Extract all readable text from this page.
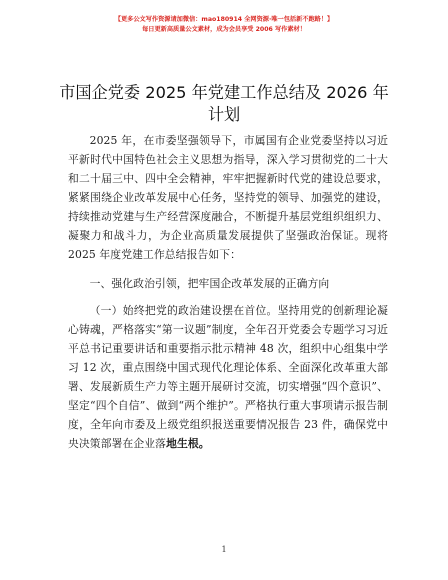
【更多公文写作资源请加微信：mao180914 全网资源·唯一包括新不跑路！】
每日更新高质量公文素材，成为会员享受 2006 写作素材！
市国企党委 2025 年党建工作总结及 2026 年计划

2025 年，在市委坚强领导下，市属国有企业党委坚持以习近平新时代中国特色社会主义思想为指导，深入学习贯彻党的二十大和二十届三中、四中全会精神，牢牢把握新时代党的建设总要求，紧紧围绕企业改革发展中心任务，坚持党的领导、加强党的建设，持续推动党建与生产经营深度融合，不断提升基层党组织组织力、凝聚力和战斗力，为企业高质量发展提供了坚强政治保证。现将 2025 年度党建工作总结报告如下：

一、强化政治引领，把牢国企改革发展的正确方向

（一）始终把党的政治建设摆在首位。坚持用党的创新理论凝心铸魂，严格落实“第一议题”制度，全年召开党委会专题学习习近平总书记重要讲话和重要指示批示精神 48 次，组织中心组集中学习 12 次，重点围绕中国式现代化理论体系、全面深化改革重大部署、发展新质生产力等主题开展研讨交流，切实增强“四个意识”、坚定“四个自信”、做到“两个维护”。严格执行重大事项请示报告制度，全年向市委及上级党组织报送重要情况报告 23 件，确保党中央决策部署在企业落地生根。

1
